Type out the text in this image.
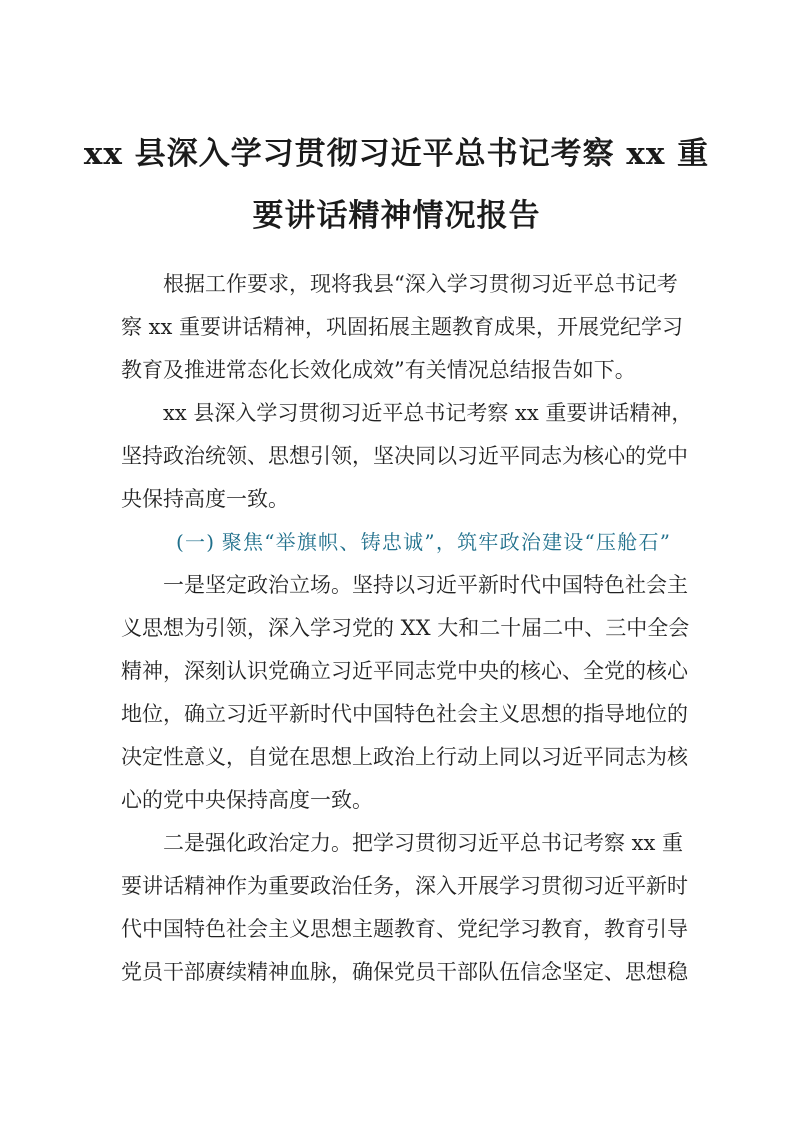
xx 县深入学习贯彻习近平总书记考察 xx 重
要讲话精神情况报告
根据工作要求，现将我县“深入学习贯彻习近平总书记考
察 xx 重要讲话精神，巩固拓展主题教育成果，开展党纪学习
教育及推进常态化长效化成效”有关情况总结报告如下。
xx 县深入学习贯彻习近平总书记考察 xx 重要讲话精神，
坚持政治统领、思想引领，坚决同以习近平同志为核心的党中
央保持高度一致。
(一) 聚焦“举旗帜、铸忠诚”，筑牢政治建设“压舱石”
一是坚定政治立场。坚持以习近平新时代中国特色社会主
义思想为引领，深入学习党的 XX 大和二十届二中、三中全会
精神，深刻认识党确立习近平同志党中央的核心、全党的核心
地位，确立习近平新时代中国特色社会主义思想的指导地位的
决定性意义，自觉在思想上政治上行动上同以习近平同志为核
心的党中央保持高度一致。
二是强化政治定力。把学习贯彻习近平总书记考察 xx 重
要讲话精神作为重要政治任务，深入开展学习贯彻习近平新时
代中国特色社会主义思想主题教育、党纪学习教育，教育引导
党员干部赓续精神血脉，确保党员干部队伍信念坚定、思想稳
